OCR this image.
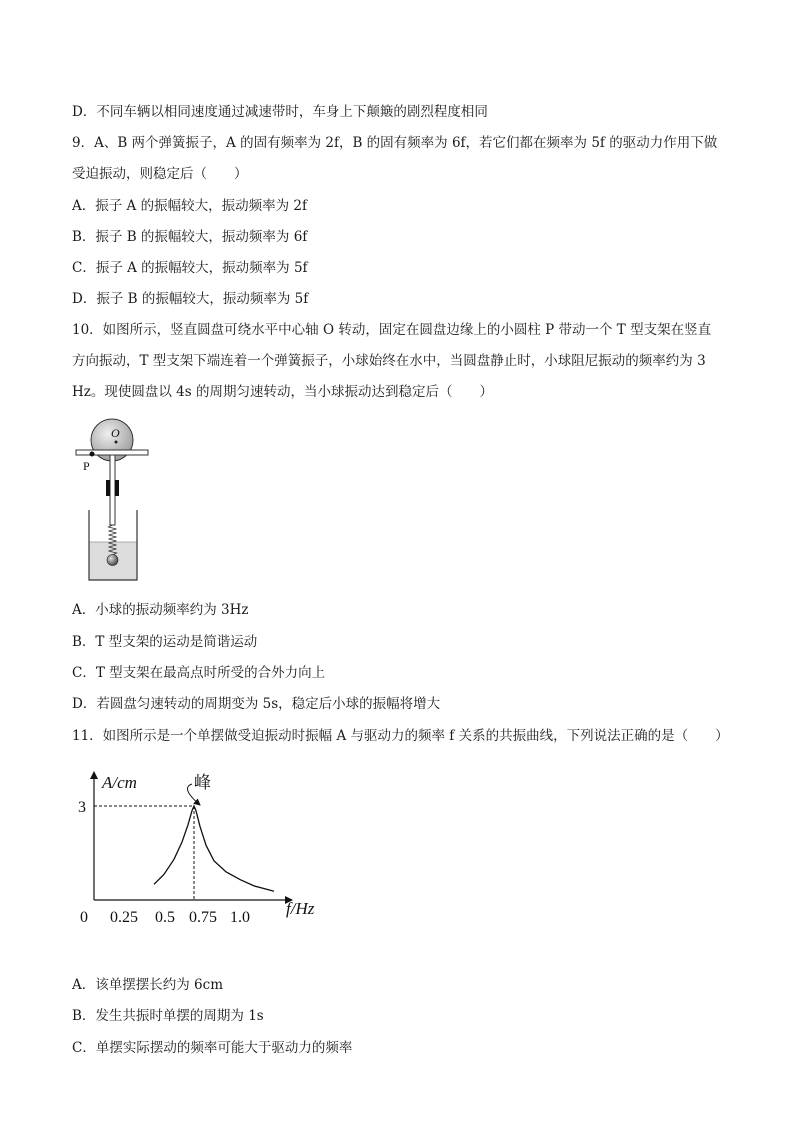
D．不同车辆以相同速度通过减速带时，车身上下颠簸的剧烈程度相同
9．A、B 两个弹簧振子，A 的固有频率为 2f，B 的固有频率为 6f，若它们都在频率为 5f 的驱动力作用下做
受迫振动，则稳定后（　　）
A．振子 A 的振幅较大，振动频率为 2f
B．振子 B 的振幅较大，振动频率为 6f
C．振子 A 的振幅较大，振动频率为 5f
D．振子 B 的振幅较大，振动频率为 5f
10．如图所示，竖直圆盘可绕水平中心轴 O 转动，固定在圆盘边缘上的小圆柱 P 带动一个 T 型支架在竖直
方向振动，T 型支架下端连着一个弹簧振子，小球始终在水中，当圆盘静止时，小球阻尼振动的频率约为 3
Hz。现使圆盘以 4s 的周期匀速转动，当小球振动达到稳定后（　　）
O
P
A．小球的振动频率约为 3Hz
B．T 型支架的运动是简谐运动
C．T 型支架在最高点时所受的合外力向上
D．若圆盘匀速转动的周期变为 5s，稳定后小球的振幅将增大
11．如图所示是一个单摆做受迫振动时振幅 A 与驱动力的频率 f 关系的共振曲线，下列说法正确的是（　　）
A/cm
f/Hz
0
3
0.25 0.5 0.75 1.0
峰
A．该单摆摆长约为 6cm
B．发生共振时单摆的周期为 1s
C．单摆实际摆动的频率可能大于驱动力的频率
